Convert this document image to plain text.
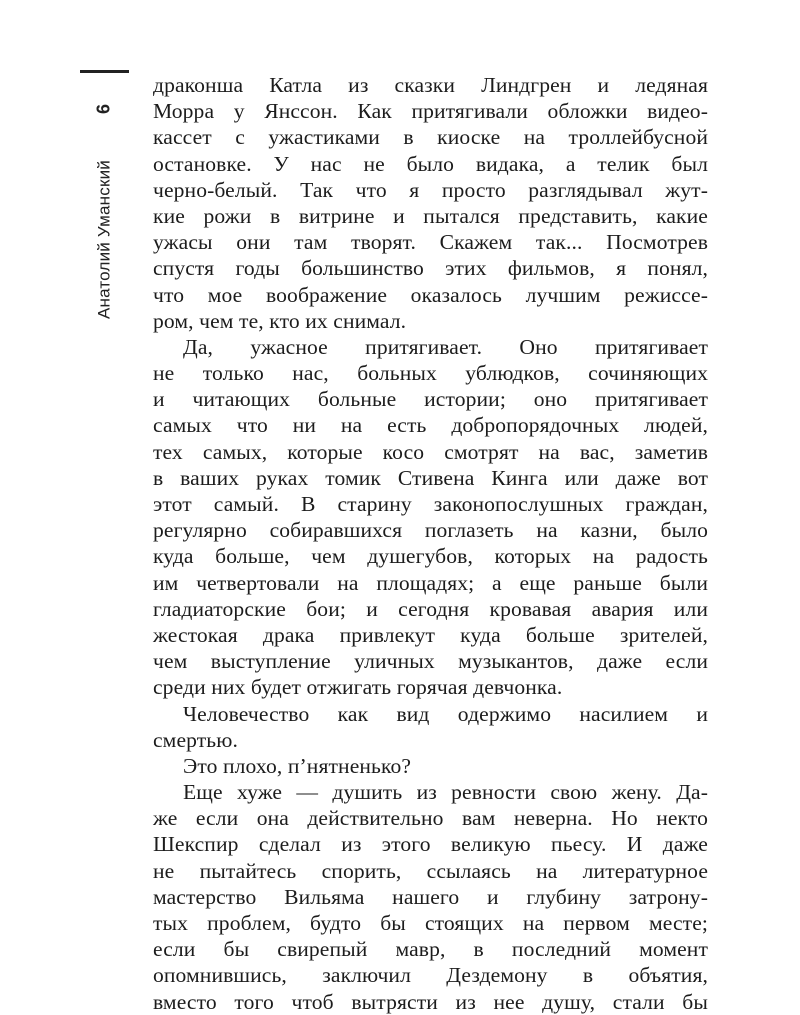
Анатолий Уманский
6
драконша Катла из сказки Линдгрен и ледяная
Морра у Янссон. Как притягивали обложки видео-
кассет с ужастиками в киоске на троллейбусной
остановке. У нас не было видака, а телик был
черно-белый. Так что я просто разглядывал жут-
кие рожи в витрине и пытался представить, какие
ужасы они там творят. Скажем так... Посмотрев
спустя годы большинство этих фильмов, я понял,
что мое воображение оказалось лучшим режиссе-
ром, чем те, кто их снимал.
Да, ужасное притягивает. Оно притягивает
не только нас, больных ублюдков, сочиняющих
и читающих больные истории; оно притягивает
самых что ни на есть добропорядочных людей,
тех самых, которые косо смотрят на вас, заметив
в ваших руках томик Стивена Кинга или даже вот
этот самый. В старину законопослушных граждан,
регулярно собиравшихся поглазеть на казни, было
куда больше, чем душегубов, которых на радость
им четвертовали на площадях; а еще раньше были
гладиаторские бои; и сегодня кровавая авария или
жестокая драка привлекут куда больше зрителей,
чем выступление уличных музыкантов, даже если
среди них будет отжигать горячая девчонка.
Человечество как вид одержимо насилием и
смертью.
Это плохо, п’нятненько?
Еще хуже — душить из ревности свою жену. Да-
же если она действительно вам неверна. Но некто
Шекспир сделал из этого великую пьесу. И даже
не пытайтесь спорить, ссылаясь на литературное
мастерство Вильяма нашего и глубину затрону-
тых проблем, будто бы стоящих на первом месте;
если бы свирепый мавр, в последний момент
опомнившись, заключил Дездемону в объятия,
вместо того чтоб вытрясти из нее душу, стали бы
